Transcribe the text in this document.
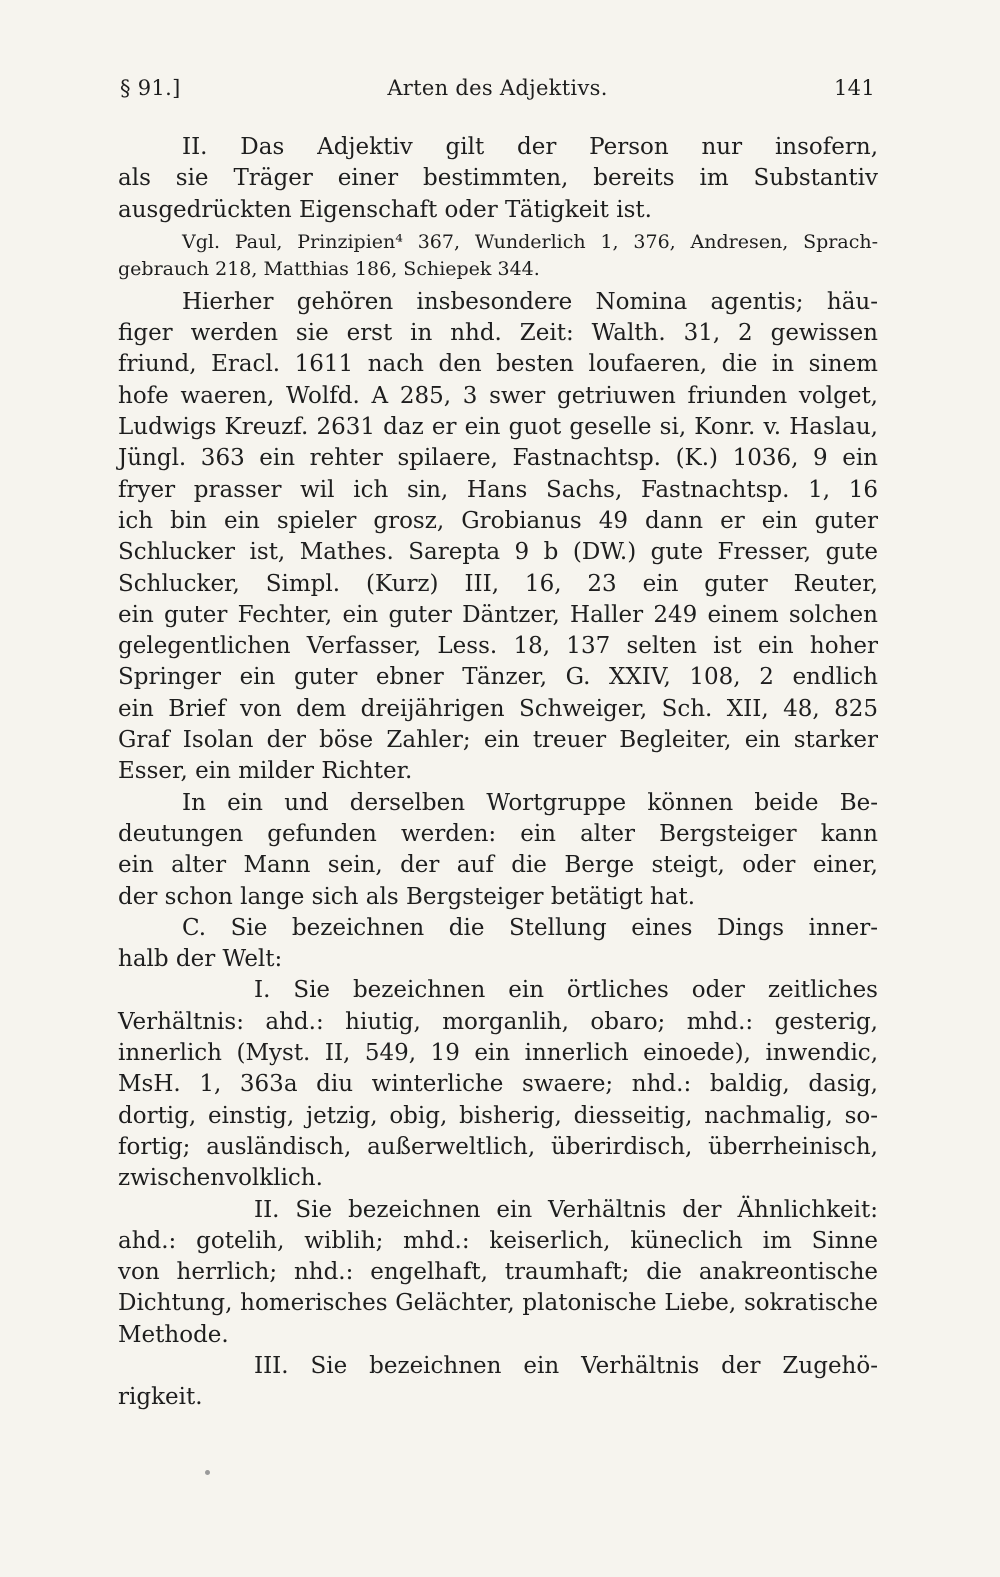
§ 91.]	Arten des Adjektivs.	141
II. Das Adjektiv gilt der Person nur insofern,
als sie Träger einer bestimmten, bereits im Substantiv
ausgedrückten Eigenschaft oder Tätigkeit ist.
Vgl. Paul, Prinzipien⁴ 367, Wunderlich 1, 376, Andresen, Sprach-
gebrauch 218, Matthias 186, Schiepek 344.
Hierher gehören insbesondere Nomina agentis; häu-
figer werden sie erst in nhd. Zeit: Walth. 31, 2 gewissen
friund, Eracl. 1611 nach den besten loufaeren, die in sinem
hofe waeren, Wolfd. A 285, 3 swer getriuwen friunden volget,
Ludwigs Kreuzf. 2631 daz er ein guot geselle si, Konr. v. Haslau,
Jüngl. 363 ein rehter spilaere, Fastnachtsp. (K.) 1036, 9 ein
fryer prasser wil ich sin, Hans Sachs, Fastnachtsp. 1, 16
ich bin ein spieler grosz, Grobianus 49 dann er ein guter
Schlucker ist, Mathes. Sarepta 9 b (DW.) gute Fresser, gute
Schlucker, Simpl. (Kurz) III, 16, 23 ein guter Reuter,
ein guter Fechter, ein guter Däntzer, Haller 249 einem solchen
gelegentlichen Verfasser, Less. 18, 137 selten ist ein hoher
Springer ein guter ebner Tänzer, G. XXIV, 108, 2 endlich
ein Brief von dem dreijährigen Schweiger, Sch. XII, 48, 825
Graf Isolan der böse Zahler; ein treuer Begleiter, ein starker
Esser, ein milder Richter.
In ein und derselben Wortgruppe können beide Be-
deutungen gefunden werden: ein alter Bergsteiger kann
ein alter Mann sein, der auf die Berge steigt, oder einer,
der schon lange sich als Bergsteiger betätigt hat.
C. Sie bezeichnen die Stellung eines Dings inner-
halb der Welt:
I. Sie bezeichnen ein örtliches oder zeitliches
Verhältnis: ahd.: hiutig, morganlih, obaro; mhd.: gesterig,
innerlich (Myst. II, 549, 19 ein innerlich einoede), inwendic,
MsH. 1, 363a diu winterliche swaere; nhd.: baldig, dasig,
dortig, einstig, jetzig, obig, bisherig, diesseitig, nachmalig, so-
fortig; ausländisch, außerweltlich, überirdisch, überrheinisch,
zwischenvolklich.
II. Sie bezeichnen ein Verhältnis der Ähnlichkeit:
ahd.: gotelih, wiblih; mhd.: keiserlich, küneclich im Sinne
von herrlich; nhd.: engelhaft, traumhaft; die anakreontische
Dichtung, homerisches Gelächter, platonische Liebe, sokratische
Methode.
III. Sie bezeichnen ein Verhältnis der Zugehö-
rigkeit.
